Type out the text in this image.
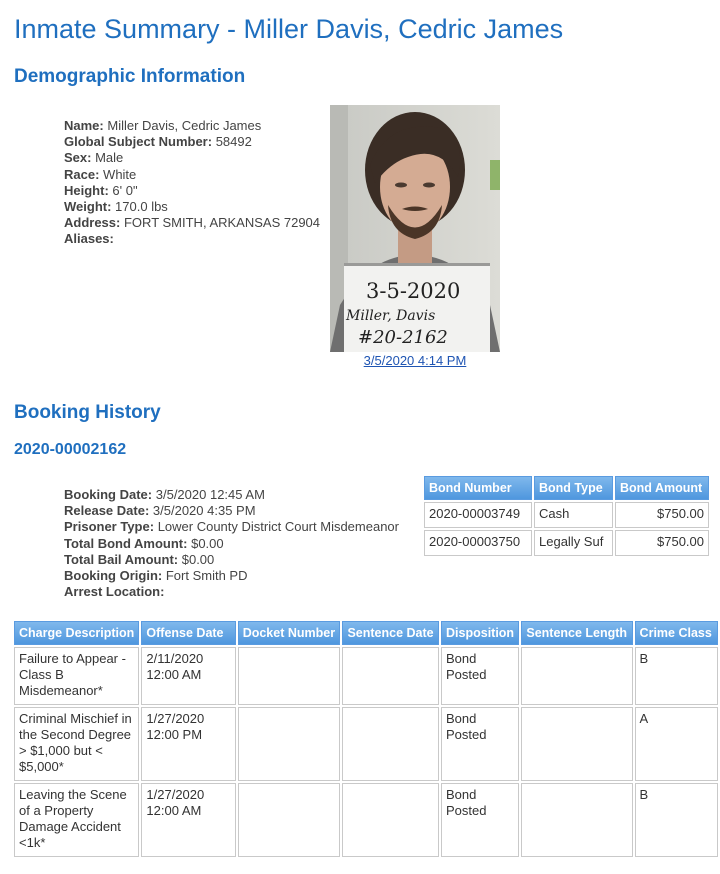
Inmate Summary - Miller Davis, Cedric James
Demographic Information
Name: Miller Davis, Cedric James
Global Subject Number: 58492
Sex: Male
Race: White
Height: 6' 0"
Weight: 170.0 lbs
Address: FORT SMITH, ARKANSAS 72904
Aliases:
3-5-2020
Miller, Davis
#20-2162
3/5/2020 4:14 PM
Booking History
2020-00002162
Booking Date: 3/5/2020 12:45 AM
Release Date: 3/5/2020 4:35 PM
Prisoner Type: Lower County District Court Misdemeanor
Total Bond Amount: $0.00
Total Bail Amount: $0.00
Booking Origin: Fort Smith PD
Arrest Location:
Bond Number	Bond Type	Bond Amount
2020-00003749	Cash	$750.00
2020-00003750	Legally Suf	$750.00
Charge Description	Offense Date	Docket Number	Sentence Date	Disposition	Sentence Length	Crime Class
Failure to Appear - Class B Misdemeanor*	2/11/2020 12:00 AM			Bond Posted		B
Criminal Mischief in the Second Degree > $1,000 but < $5,000*	1/27/2020 12:00 PM			Bond Posted		A
Leaving the Scene of a Property Damage Accident <1k*	1/27/2020 12:00 AM			Bond Posted		B
